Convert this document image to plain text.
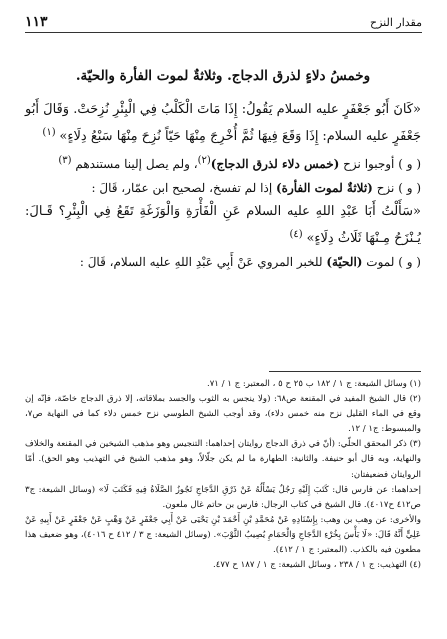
مقدار النزح
١١٣
وخمسُ دلاءٍ لذرق الدجاج. وثلاثةٌ لموت الفأرة والحيّة.

«كَانَ أَبُو جَعْفَرٍ عليه السلام يَقُولُ: إِذَا مَاتَ الْكَلْبُ فِي الْبِئْرِ نُزِحَتْ. وَقَالَ أَبُو جَعْفَرٍ عليه السلام: إِذَا وَقَعَ فِيهَا ثُمَّ أُخْرِجَ مِنْهَا حَيّاً نُزِحَ مِنْهَا سَبْعُ دِلَاءٍ» $^{(١)}$

( و ) أوجبوا نزح (خمس دلاء لذرق الدجاج)$^{(٢)}$، ولم يصل إلينا مستندهم $^{(٣)}$

( و ) نزح (ثلاثةٌ لموت الفأرة) إذا لم تفسخ، لصحيح ابن عمّار، قَالَ :

«سَأَلْتُ أَبَا عَبْدِ اللهِ عليه السلام عَنِ الْفَأْرَةِ وَالْوَزَغَةِ تَقَعُ فِي الْبِئْرِ؟ قَـالَ: يُـنْزَحُ مِـنْهَا ثَلَاثُ دِلَاءٍ» $^{(٤)}$

( و ) لموت (الحيّة) للخبر المروي عَنْ أَبِي عَبْدِ اللهِ عليه السلام، قَالَ :

(١) وسائل الشيعة: ج ١ / ١٨٢ ب ٢٥ ح ٥ ، المعتبر: ج ١ / ٧١.

(٢) قال الشيخ المفيد في المقنعة ص٦٨: (ولا ينجس به الثوب والجسد بملاقاته، إلا ذرق الدجاج خاصّة، فإنّه إن وقع في الماء القليل نزح منه خمس دلاء)، وقد أوجب الشيخ الطوسي نزح خمس دلاء كما في النهاية ص٧، والمبسوط: ج١ / ١٢.

(٣) ذكر المحقق الحلّي: (أنّ في ذرق الدجاج روايتان إحداهما: التنجيس وهو مذهب الشيخين في المقنعة والخلاف والنهاية، وبه قال أبو حنيفة. والثانية: الطهارة ما لم يكن جلّالاً، وهو مذهب الشيخ في التهذيب وهو الحق). أمّا الروايتان فضعيفتان:

إحداهما: عن فارس قال: كَتَبَ إِلَيْهِ رَجُلٌ يَسْأَلُهُ عَنْ ذَرْقِ الدَّجَاجِ تَجُوزُ الصَّلَاةُ فِيهِ فَكَتَبَ لَا» (وسائل الشيعة: ج٣ ص٤١٢ ح٤٠١٧). قال الشيخ في كتاب الرجال: فارس بن حاتم غال ملعون.

والأخرى: عن وهب بن وهب: بِإِسْنَادِهِ عَنْ مُحَمَّدِ بْنِ أَحْمَدَ بْنِ يَحْيَى عَنْ أَبِي جَعْفَرٍ عَنْ وَهْبٍ عَنْ جَعْفَرٍ عَنْ أَبِيهِ عَنْ عَلِيٍّ أَنَّهُ قَالَ: «لَا بَأْسَ بِخُرْءِ الدَّجَاجِ وَالْحَمَامِ يُصِيبُ الثَّوْبَ». (وسائل الشيعة: ج ٣ / ٤١٢ ح ٤٠١٦)، وهو ضعيف هذا مطعون فيه بالكذب. (المعتبر: ج ١ / ٤١٢).

(٤) التهذيب: ج ١ / ٢٣٨ ، وسائل الشيعة: ج ١ / ١٨٧ ح ٤٧٧.
